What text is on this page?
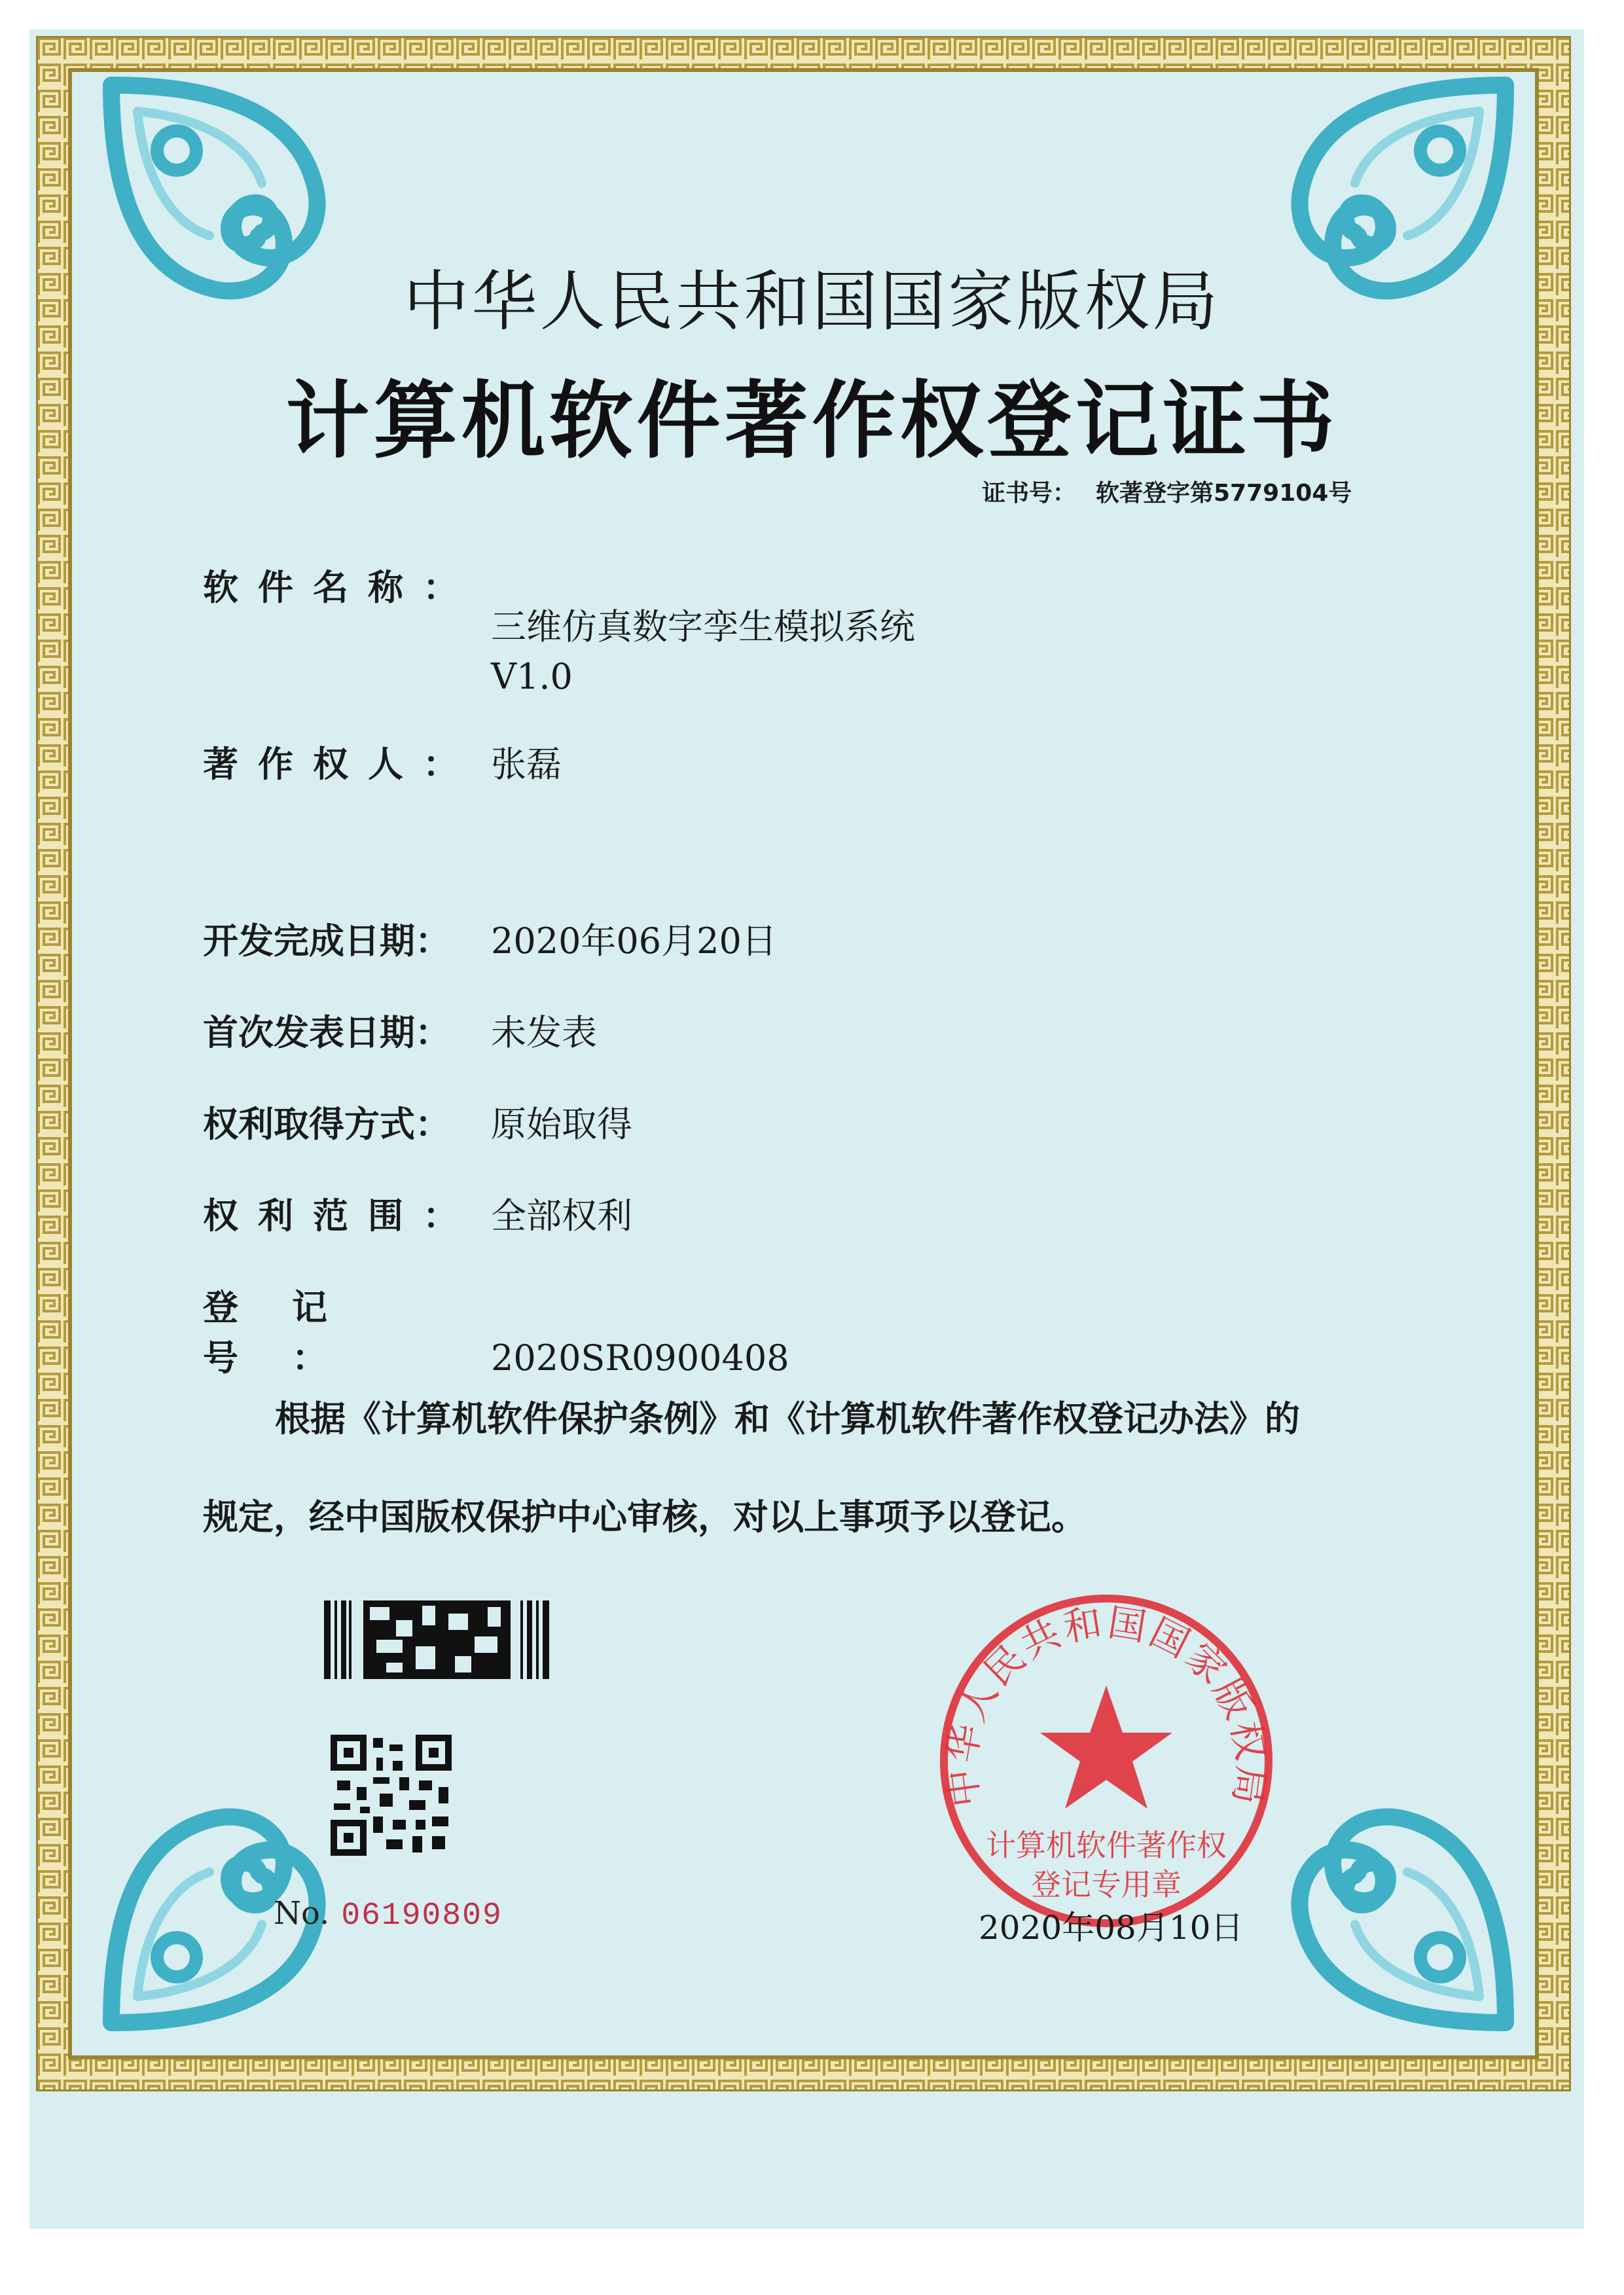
中华人民共和国国家版权局
计算机软件著作权登记证书
证书号： 软著登字第5779104号
软件名称：
三维仿真数字孪生模拟系统
V1.0
著作权人： 张磊
开发完成日期： 2020年06月20日
首次发表日期： 未发表
权利取得方式： 原始取得
权利范围： 全部权利
登记号：	2020SR0900408
根据《计算机软件保护条例》和《计算机软件著作权登记办法》的
规定，经中国版权保护中心审核，对以上事项予以登记。
No. 06190809
计算机软件著作权
登记专用章
中华人民共和国国家版权局
2020年08月10日
